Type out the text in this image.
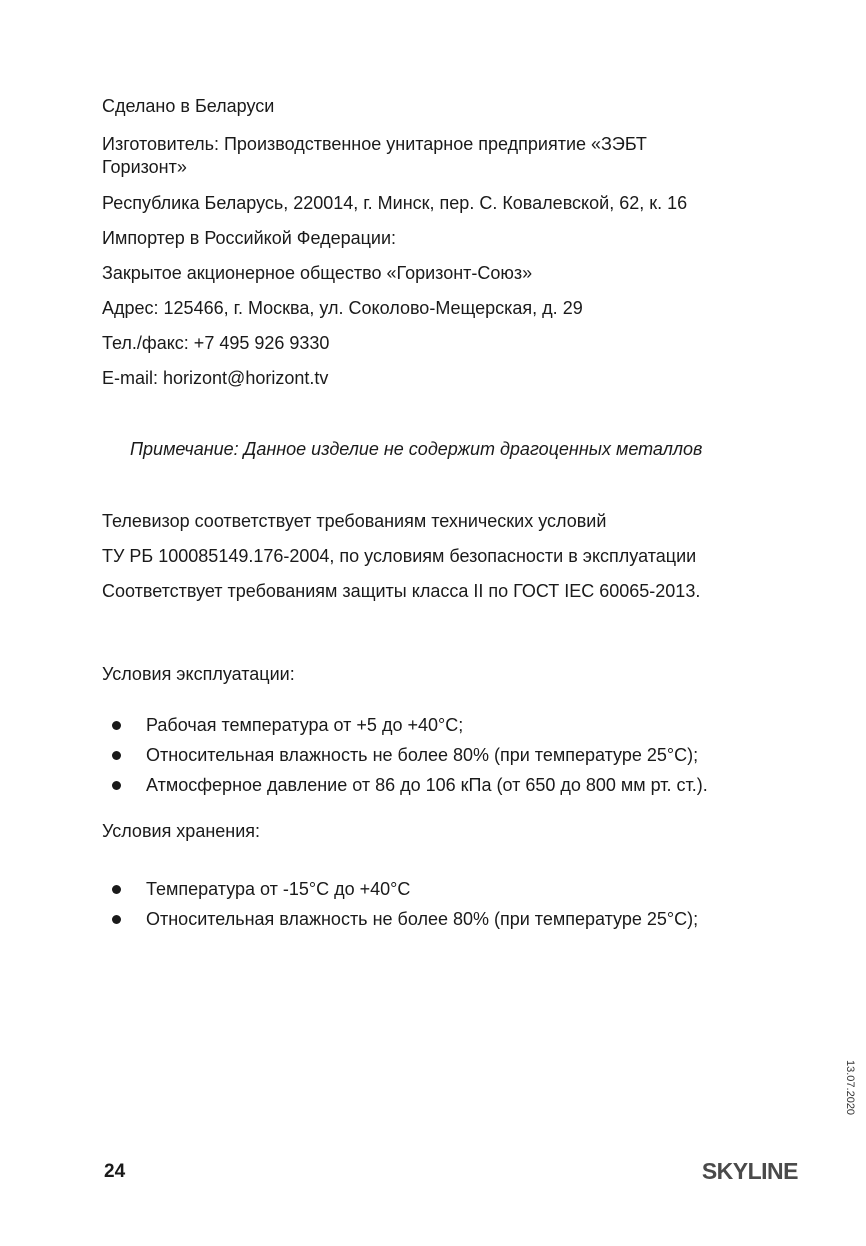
Сделано в Беларуси

Изготовитель: Производственное унитарное предприятие «ЗЭБТ

Горизонт»

Республика Беларусь, 220014, г. Минск, пер. С. Ковалевской, 62, к. 16

Импортер в Российкой Федерации:

Закрытое акционерное общество «Горизонт-Союз»

Адрес: 125466, г. Москва, ул. Соколово-Мещерская, д. 29

Тел./факс: +7 495 926 9330

E-mail: horizont@horizont.tv

Примечание: Данное изделие не содержит драгоценных металлов

Телевизор соответствует требованиям технических условий

ТУ РБ 100085149.176-2004, по условиям безопасности в эксплуатации

Соответствует требованиям защиты класса II по ГОСТ IEC 60065-2013.

Условия эксплуатации:

Рабочая температура от +5 до +40°С;
Относительная влажность не более 80% (при температуре 25°С);
Атмосферное давление от 86 до 106 кПа (от 650 до 800 мм рт. ст.).

Условия хранения:

Температура от -15°С до +40°С
Относительная влажность не более 80% (при температуре 25°С);
13.07.2020
24	SKYLINE
